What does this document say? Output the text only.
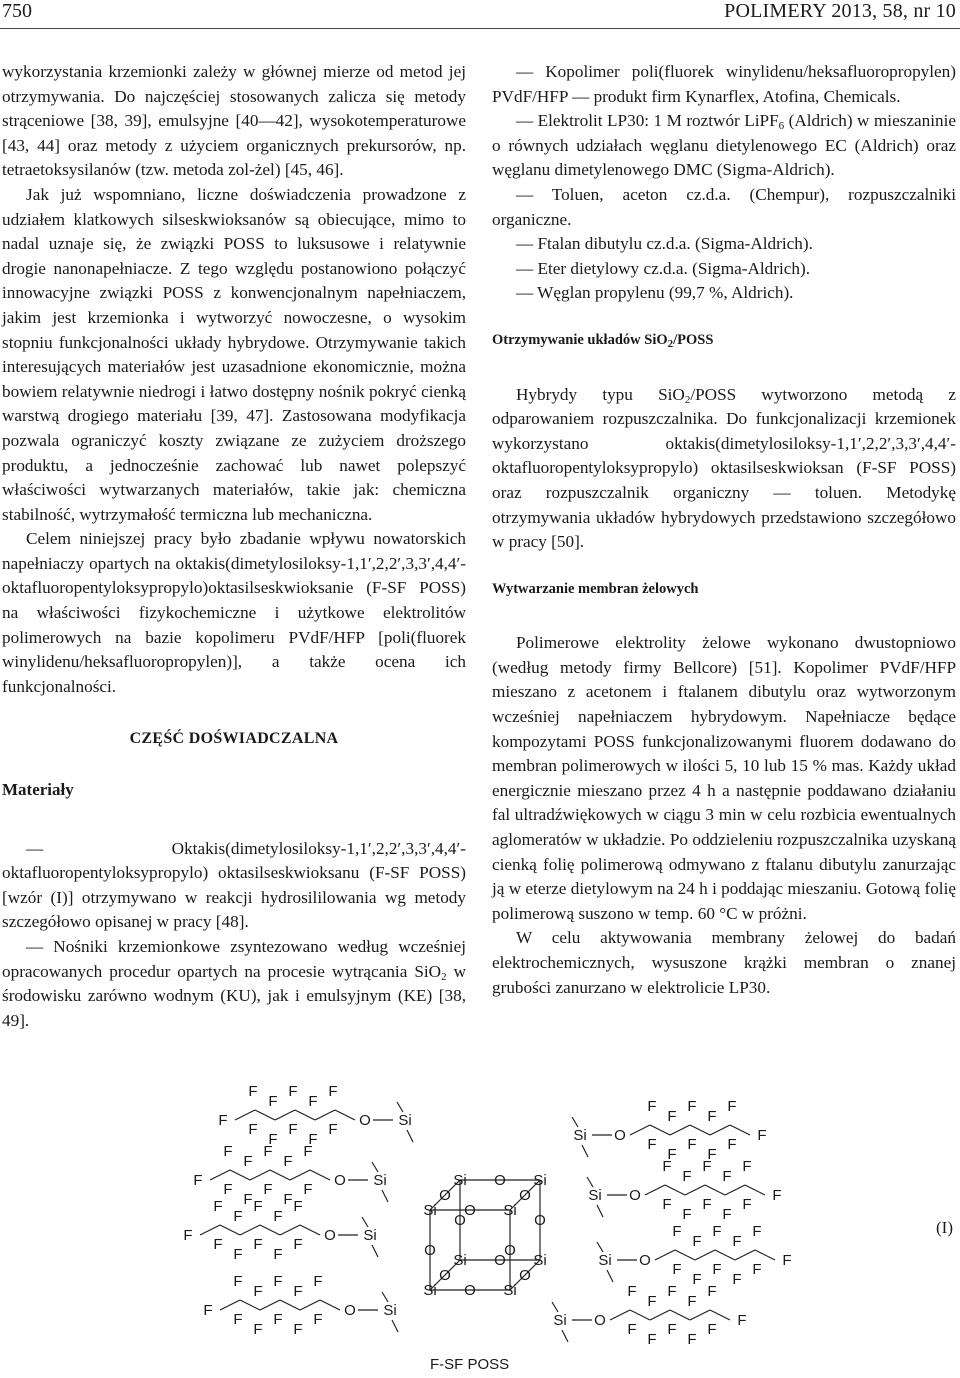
750	POLIMERY 2013, 58, nr 10

wykorzystania krzemionki zależy w głównej mierze od metod jej otrzymywania. Do najczęściej stosowanych zalicza się metody strąceniowe [38, 39], emulsyjne [40—42], wysokotemperaturowe [43, 44] oraz metody z użyciem organicznych prekursorów, np. tetraetoksysilanów (tzw. metoda zol-żel) [45, 46].

Jak już wspomniano, liczne doświadczenia prowadzone z udziałem klatkowych silseskwioksanów są obiecujące, mimo to nadal uznaje się, że związki POSS to luksusowe i relatywnie drogie nanonapełniacze. Z tego względu postanowiono połączyć innowacyjne związki POSS z konwencjonalnym napełniaczem, jakim jest krzemionka i wytworzyć nowoczesne, o wysokim stopniu funkcjonalności układy hybrydowe. Otrzymywanie takich interesujących materiałów jest uzasadnione ekonomicznie, można bowiem relatywnie niedrogi i łatwo dostępny nośnik pokryć cienką warstwą drogiego materiału [39, 47]. Zastosowana modyfikacja pozwala ograniczyć koszty związane ze zużyciem droższego produktu, a jednocześnie zachować lub nawet polepszyć właściwości wytwarzanych materiałów, takie jak: chemiczna stabilność, wytrzymałość termiczna lub mechaniczna.

Celem niniejszej pracy było zbadanie wpływu nowatorskich napełniaczy opartych na oktakis(dimetylosiloksy-1,1′,2,2′,3,3′,4,4′-oktafluoropentyloksypropylo)oktasilseskwioksanie (F-SF POSS) na właściwości fizykochemiczne i użytkowe elektrolitów polimerowych na bazie kopolimeru PVdF/HFP [poli(fluorek winylidenu/heksafluoropropylen)], a także ocena ich funkcjonalności.

CZĘŚĆ DOŚWIADCZALNA
Materiały

— Oktakis(dimetylosiloksy-1,1′,2,2′,3,3′,4,4′-oktafluoropentyloksypropylo) oktasilseskwioksanu (F-SF POSS) [wzór (I)] otrzymywano w reakcji hydrosililowania wg metody szczegółowo opisanej w pracy [48].

— Nośniki krzemionkowe zsyntezowano według wcześniej opracowanych procedur opartych na procesie wytrącania SiO$_2$ w środowisku zarówno wodnym (KU), jak i emulsyjnym (KE) [38, 49].

— Kopolimer poli(fluorek winylidenu/heksafluoropropylen) PVdF/HFP — produkt firm Kynarflex, Atofina, Chemicals.

— Elektrolit LP30: 1 M roztwór LiPF$_6$ (Aldrich) w mieszaninie o równych udziałach węglanu dietylenowego EC (Aldrich) oraz węglanu dimetylenowego DMC (Sigma-Aldrich).

— Toluen, aceton cz.d.a. (Chempur), rozpuszczalniki organiczne.

— Ftalan dibutylu cz.d.a. (Sigma-Aldrich).

— Eter dietylowy cz.d.a. (Sigma-Aldrich).

— Węglan propylenu (99,7 %, Aldrich).

Otrzymywanie układów SiO$_2$/POSS

Hybrydy typu SiO$_2$/POSS wytworzono metodą z odparowaniem rozpuszczalnika. Do funkcjonalizacji krzemionek wykorzystano oktakis(dimetylosiloksy-1,1′,2,2′,3,3′,4,4′-oktafluoropentyloksypropylo) oktasilseskwioksan (F-SF POSS) oraz rozpuszczalnik organiczny — toluen. Metodykę otrzymywania układów hybrydowych przedstawiono szczegółowo w pracy [50].

Wytwarzanie membran żelowych

Polimerowe elektrolity żelowe wykonano dwustopniowo (według metody firmy Bellcore) [51]. Kopolimer PVdF/HFP mieszano z acetonem i ftalanem dibutylu oraz wytworzonym wcześniej napełniaczem hybrydowym. Napełniacze będące kompozytami POSS funkcjonalizowanymi fluorem dodawano do membran polimerowych w ilości 5, 10 lub 15 % mas. Każdy układ energicznie mieszano przez 4 h a następnie poddawano działaniu fal ultradźwiękowych w ciągu 3 min w celu rozbicia ewentualnych aglomeratów w układzie. Po oddzieleniu rozpuszczalnika uzyskaną cienką folię polimerową odmywano z ftalanu dibutylu zanurzając ją w eterze dietylowym na 24 h i poddając mieszaniu. Gotową folię polimerową suszono w temp. 60 °C w próżni.

W celu aktywowania membrany żelowej do badań elektrochemicznych, wysuszone krążki membran o znanej grubości zanurzano w elektrolicie LP30.

Si	Si
Si	Si
Si	Si
Si	Si
O
O	O
O
O
O	O
O
O	O
O	O
Si
O
F
F
F
F
F
F
F
F
F
F
F
Si
O
F
F
F
F
F
F
F
F
F
F
F
Si
O
F
F
F
F
F
F
F
F
F
F
F
Si
O
F
F
F
F
F
F
F
F
F
F
F
Si O
F
F
F
F
F
F
F
F
F
F
F
Si O
F
F
F
F
F
F
F
F
F
F
F
Si O
F
F
F
F
F
F
F
F
F
F
F
Si O
F
F
F
F
F
F
F
F
F
F
F
(I)
F-SF POSS
